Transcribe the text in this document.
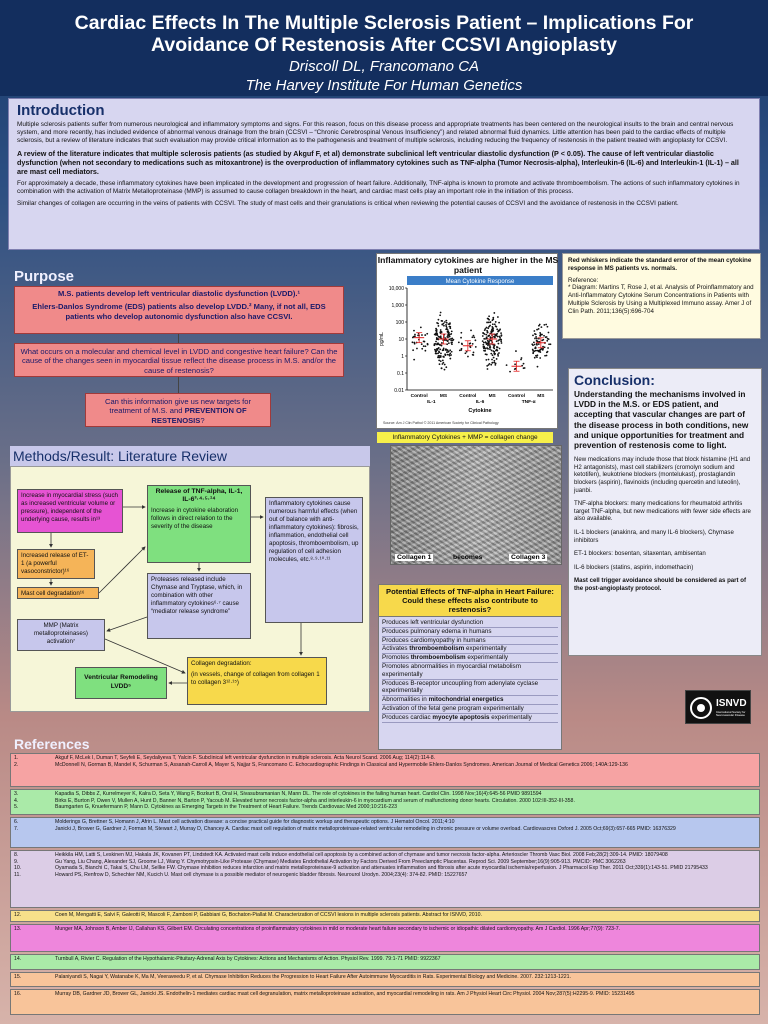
Cardiac Effects In The Multiple Sclerosis Patient – Implications For
Avoidance Of Restenosis After CCSVI Angioplasty
Driscoll DL, Francomano CA
The Harvey Institute For Human Genetics
Introduction

Multiple sclerosis patients suffer from numerous neurological and inflammatory symptoms and signs. For this reason, focus on this disease process and appropriate treatments has been centered on the neurological insults to the brain and central nervous system, and more recently, has included evidence of abnormal venous drainage from the brain (CCSVI – “Chronic Cerebrospinal Venous Insufficiency”) and related abnormal fluid dynamics. Little attention has been paid to the cardiac effects of multiple sclerosis, but a review of literature indicates that such evaluation may provide critical information as to the pathogenesis and treatment of multiple sclerosis, including reducing the frequency of restenosis in the patient treated with angioplasty for CCSVI.

A review of the literature indicates that multiple sclerosis patients (as studied by Akguf F, et al) demonstrate subclinical left ventricular diastolic dysfunction (P < 0.05). The cause of left ventricular diastolic dysfunction (when not secondary to medications such as mitoxantrone) is the overproduction of inflammatory cytokines such as TNF-alpha (Tumor Necrosis-alpha), Interleukin-6 (IL-6) and Interleukin-1 (IL-1) – all are mast cell mediators.

For approximately a decade, these inflammatory cytokines have been implicated in the development and progression of heart failure. Additionally, TNF-alpha is known to promote and activate thromboembolism. The actions of such inflammatory cytokines in combination with the activation of Matrix Metalloproteinase (MMP) is assumed to cause collagen breakdown in the heart, and cardiac mast cells play an important role in the initiation of this process.

Similar changes of collagen are occurring in the veins of patients with CCSVI. The study of mast cells and their granulations is critical when reviewing the potential causes of CCSVI and the avoidance of restenosis in the CCSVI patient.

Purpose
M.S. patients develop left ventricular diastolic dysfunction (LVDD).¹
Ehlers-Danlos Syndrome (EDS) patients also develop LVDD.² Many, if not all, EDS patients who develop autonomic dysfunction also have CCSVI.
What occurs on a molecular and chemical level in LVDD and congestive heart failure? Can the cause of the changes seen in myocardial tissue reflect the disease process in M.S. and/or the cause of restenosis?
Can this information give us new targets for treatment of M.S. and PREVENTION OF RESTENOSIS?
Methods/Result: Literature Review
Increase in myocardial stress (such as increased ventricular volume or pressure), independent of the underlying cause, results in¹³
Increased release of ET-1 (a powerful vasoconstrictor)¹⁶
Mast cell degradation¹⁶
Release of TNF-alpha, IL-1, IL-6³·⁴·⁵·¹⁴
Increase in cytokine elaboration follows in direct relation to the severity of the disease
Inflammatory cytokines cause numerous harmful effects (when out of balance with anti-inflammatory cytokines): fibrosis, inflammation, endothelial cell apoptosis, thromboembolism, up regulation of cell adhesion molecules, etc.⁸·⁹·¹⁰·¹¹
Proteases released include Chymase and Tryptase, which, in combination with other inflammatory cytokines⁶·⁷ cause “mediator release syndrome”
MMP (Matrix metalloproteinases) activation⁷
Collagen degradation:
(in vessels, change of collagen from collagen 1 to collagen 3¹²·¹⁵)
Ventricular Remodeling LVDD⁵
Inflammatory cytokines are higher in the MS patient
Mean Cytokine Response
0.01
0.1
1
10
100
1,000
10,000
pg/mL
Control	MS	Control	MS	Control	MS
IL-1	IL-6	TNF-α
Cytokine
Source: Am J Clin Pathol © 2011 American Society for Clinical Pathology
Red whiskers indicate the standard error of the mean cytokine response in MS patients vs. normals.
Reference:
* Diagram: Martins T, Rose J, et al. Analysis of Proinflammatory and Anti-Inflammatory Cytokine Serum Concentrations in Patients with Multiple Sclerosis by Using a Multiplexed Immuno assay. Amer J of Clin Path. 2011;136(5):696-704
Conclusion:
Understanding the mechanisms involved in LVDD in the M.S. or EDS patient, and accepting that vascular changes are part of the disease process in both conditions, new and unique opportunities for treatment and prevention of restenosis come to light.

New medications may include those that block histamine (H1 and H2 antagonists), mast cell stabilizers (cromolyn sodium and ketotifen), leukotriene blockers (montelukast), prostaglandin blockers (aspirin), flavinoids (including quercetin and luteolin), juanbi.

TNF-alpha blockers: many medications for rheumatoid arthritis target TNF-alpha, but new medications with fewer side effects are also available.

IL-1 blockers (anakinra, and many IL-6 blockers), Chymase inhibitors

ET-1 blockers: bosentan, sitaxentan, ambisentan

IL-6 blockers (statins, aspirin, indomethacin)

Mast cell trigger avoidance should be considered as part of the post-angioplasty protocol.

Inflammatory Cytokines + MMP = collagen change
Collagen 1	becomes	Collagen 3
Potential Effects of TNF-alpha in Heart Failure: Could these effects also contribute to restenosis?
Produces left ventricular dysfunction
Produces pulmonary edema in humans
Produces cardiomyopathy in humans
Activates thromboembolism experimentally
Promotes thromboembolism experimentally
Promotes abnormalities in myocardial metabolism experimentally
Produces B-receptor uncoupling from adenylate cyclase experimentally
Abnormalities in mitochondrial energetics
Activation of the fetal gene program experimentally
Produces cardiac myocyte apoptosis experimentally
ISNVD
International Society for Neurovascular Disease
References
1.	Akguf F, McLek I, Duman T, Seyfeli E, Seydaliyeva T, Yalcin F. Subclinical left ventricular dysfunction in multiple sclerosis. Acta Neurol Scand. 2006 Aug; 114(2):114-8.
2.	McDonnell N, Gorman B, Mandel K, Schurman S, Assanah-Carroll A, Mayer S, Najjar S, Francomano C. Echocardiographic Findings in Classical and Hypermobile Ehlers-Danlos Syndromes. American Journal of Medical Genetics 2006; 140A:129-136
3.	Kapadia S, Dibbs Z, Kurrelmeyer K, Kalra D, Seta Y, Wang F, Bozkurt B, Oral H, Sivasubramanian N, Mann DL. The role of cytokines in the failing human heart. Cardiol Clin. 1998 Nov;16(4):645-56 PMID 9891594
4.	Birks E, Burton P, Owen V, Mullen A, Hunt D, Banner N, Barton P, Yacoub M. Elevated tumor necrosis factor-alpha and interleukin-6 in myocardium and serum of malfunctioning donor hearts. Circulation. 2000 102:III-352-III-358.
5.	Baumgarten G, Knuefermann P, Mann D. Cytokines as Emerging Targets in the Treatment of Heart Failure. Trends Cardiovasc Med 2000;10:216-223
6.	Molderings G, Brettner S, Homann J, Afrin L. Mast cell activation disease: a concise practical guide for diagnostic workup and therapeutic options. J Hematol Oncol. 2011;4:10
7.	Janicki J, Brower G, Gardner J, Forman M, Stewart J, Murray D, Chancey A. Cardiac mast cell regulation of matrix metalloproteinase-related ventricular remodeling in chronic pressure or volume overload. Cardiovascres Oxford J. 2005 Oct;69(3):657-665 PMID: 16376329
8.	Heikkila HM, Latti S, Leskinen MJ, Hakala JK, Kovanen PT, Lindstedt KA. Activated mast cells induce endothelial cell apoptosis by a combined action of chymase and tumor necrosis factor-alpha. Arterioscler Thromb Vasc Biol. 2008 Feb;28(2):309-14. PMID: 18079408
9.	Gu Yang, Liu Chang, Alexander SJ, Groome LJ, Wang Y. Chymotrypsin-Like Protease (Chymase) Mediates Endothelial Activation by Factors Derived From Preeclamptic Placentas. Reprod Sci. 2009 September;16(9):905-913. PMCID: PMC 3062263
10.	Oyamada S, Bianchi C, Takai S, Chu LM, Sellke FW. Chymase inhibition reduces infarction and matrix metalloproteinase-9 activation and attenuates inflammation and fibrosis after acute myocardial ischemia/reperfusion. J Pharmacol Exp Ther. 2011 Oct;339(1):143-51. PMID 21795433
11.	Howard PS, Renfrow D, Schechter NM, Kucich U. Mast cell chymase is a possible mediator of neurogenic bladder fibrosis. Neurourol Urodyn. 2004;23(4): 374-82. PMID: 15227657
12.	Coen M, Mengatti E, Salvi F, Galeotti R, Mascoli F, Zamboni P, Gabbiani G, Bochaton-Piallat M. Characterization of CCSVI lesions in multiple sclerosis patients. Abstract for ISNVD, 2010.
13.	Munger MA, Johnson B, Amber IJ, Callahan KS, Gilbert EM. Circulating concentrations of proinflammatory cytokines in mild or moderate heart failure secondary to ischemic or idiopathic dilated cardiomyopathy. Am J Cardiol. 1996 Apr;77(9): 723-7.
14.	Turnbull A, Rivier C. Regulation of the Hypothalamic-Pituitary-Adrenal Axis by Cytokines: Actions and Mechanisms of Action. Physiol Rev. 1999. 79:1-71 PMID: 9922367
15.	Palaniyandi S, Nagai Y, Watanabe K, Ma M, Veeraveedu P, et al. Chymase Inhibition Reduces the Progression to Heart Failure After Autoimmune Myocarditis in Rats. Experimental Biology and Medicine. 2007. 232:1213-1221.
16.	Murray DB, Gardner JD, Brower GL, Janicki JS. Endothelin-1 mediates cardiac mast cell degranulation, matrix metalloproteinase activation, and myocardial remodeling in rats. Am J Physiol Heart Circ Physiol. 2004 Nov;287(5):H2295-9. PMID: 15231495
